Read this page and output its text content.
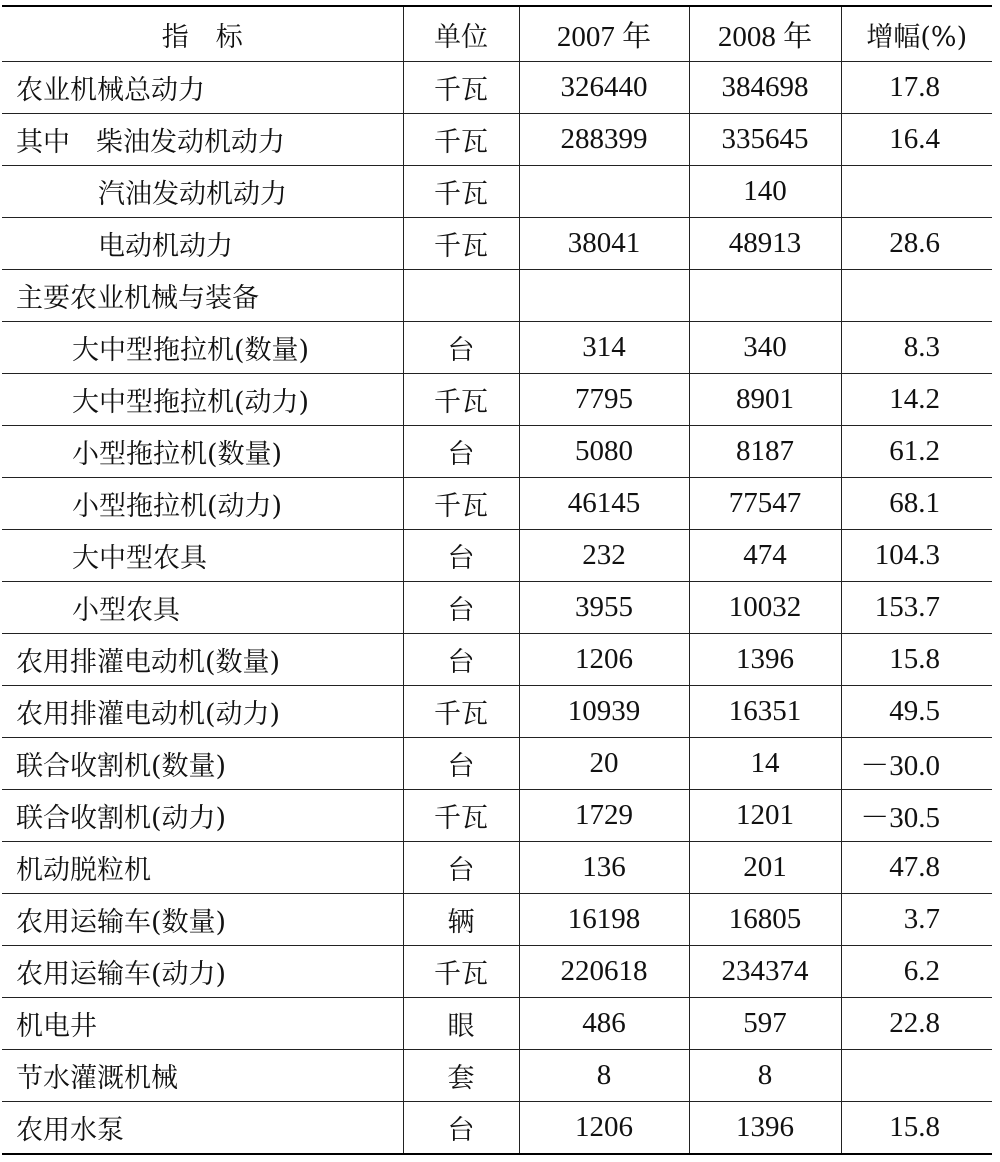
指　标	单位	2007 年	2008 年	增幅(%)
农业机械总动力	千瓦	326440	384698	17.8
其中 柴油发动机动力	千瓦	288399	335645	16.4
汽油发动机动力	千瓦		140	
电动机动力	千瓦	38041	48913	28.6
主要农业机械与装备				
大中型拖拉机(数量)	台	314	340	8.3
大中型拖拉机(动力)	千瓦	7795	8901	14.2
小型拖拉机(数量)	台	5080	8187	61.2
小型拖拉机(动力)	千瓦	46145	77547	68.1
大中型农具	台	232	474	104.3
小型农具	台	3955	10032	153.7
农用排灌电动机(数量)	台	1206	1396	15.8
农用排灌电动机(动力)	千瓦	10939	16351	49.5
联合收割机(数量)	台	20	14	－30.0
联合收割机(动力)	千瓦	1729	1201	－30.5
机动脱粒机	台	136	201	47.8
农用运输车(数量)	辆	16198	16805	3.7
农用运输车(动力)	千瓦	220618	234374	6.2
机电井	眼	486	597	22.8
节水灌溉机械	套	8	8	
农用水泵	台	1206	1396	15.8
